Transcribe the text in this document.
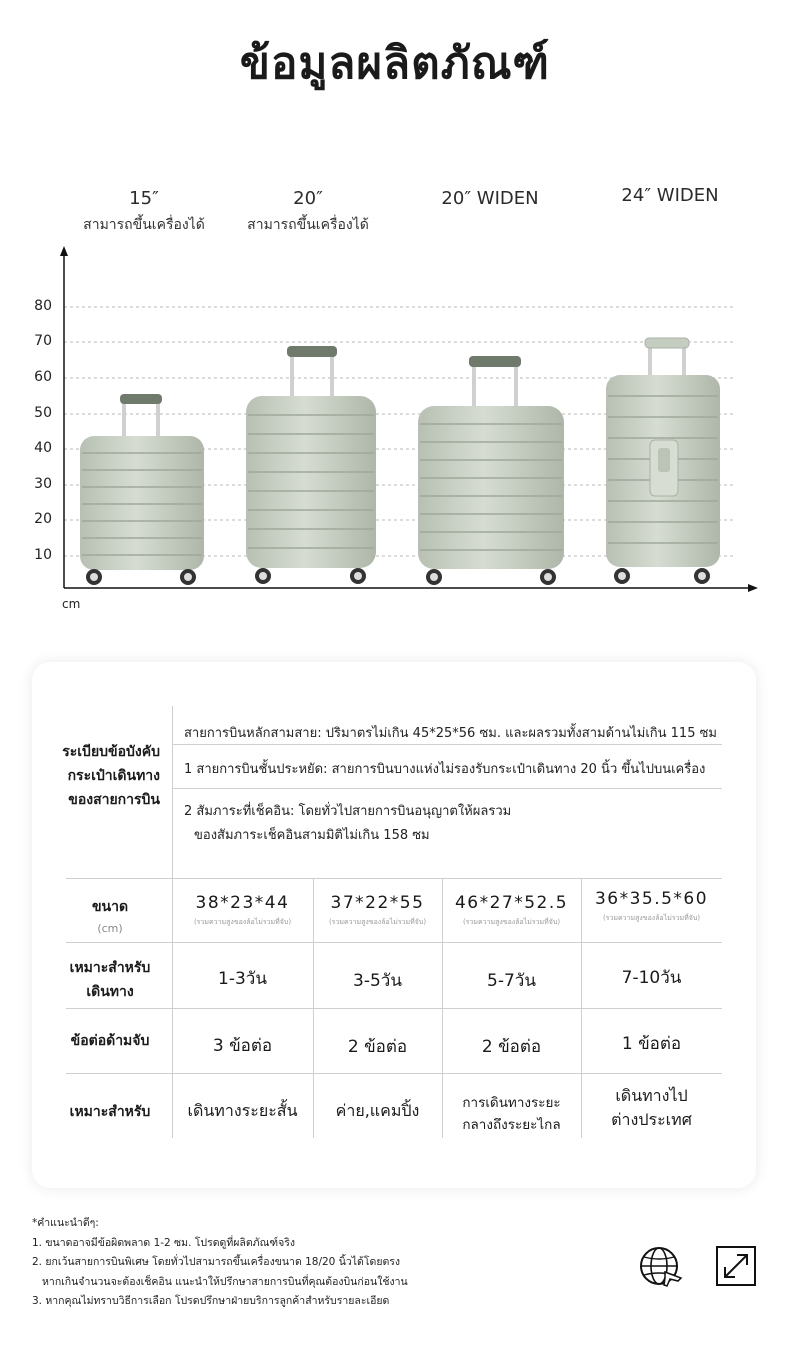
ข้อมูลผลิตภัณฑ์
15″
สามารถขึ้นเครื่องได้
20″
สามารถขึ้นเครื่องได้
20″ WIDEN	24″ WIDEN
80
70
60
50
40
30
20
10
cm
ระเบียบข้อบังคับ
กระเป๋าเดินทาง
ของสายการบิน
สายการบินหลักสามสาย: ปริมาตรไม่เกิน 45*25*56 ซม. และผลรวมทั้งสามด้านไม่เกิน 115 ซม
1 สายการบินชั้นประหยัด: สายการบินบางแห่งไม่รองรับกระเป๋าเดินทาง 20 นิ้ว ขึ้นไปบนเครื่อง
2 สัมภาระที่เช็คอิน: โดยทั่วไปสายการบินอนุญาตให้ผลรวม
ของสัมภาระเช็คอินสามมิติไม่เกิน 158 ซม
ขนาด
(cm)
เหมาะสำหรับ
เดินทาง
ข้อต่อด้ามจับ
เหมาะสำหรับ
38*23*44
(รวมความสูงของล้อไม่รวมที่จับ)
1-3วัน
3 ข้อต่อ
เดินทางระยะสั้น
37*22*55
(รวมความสูงของล้อไม่รวมที่จับ)
3-5วัน
2 ข้อต่อ
ค่าย,แคมปิ้ง
46*27*52.5
(รวมความสูงของล้อไม่รวมที่จับ)
5-7วัน
2 ข้อต่อ
การเดินทางระยะ
กลางถึงระยะไกล
36*35.5*60
(รวมความสูงของล้อไม่รวมที่จับ)
7-10วัน
1 ข้อต่อ
เดินทางไป
ต่างประเทศ
*คำแนะนำดีๆ:
1. ขนาดอาจมีข้อผิดพลาด 1-2 ซม. โปรดดูที่ผลิตภัณฑ์จริง
2. ยกเว้นสายการบินพิเศษ โดยทั่วไปสามารถขึ้นเครื่องขนาด 18/20 นิ้วได้โดยตรง
หากเกินจำนวนจะต้องเช็คอิน แนะนำให้ปรึกษาสายการบินที่คุณต้องบินก่อนใช้งาน
3. หากคุณไม่ทราบวิธีการเลือก โปรดปรึกษาฝ่ายบริการลูกค้าสำหรับรายละเอียด
